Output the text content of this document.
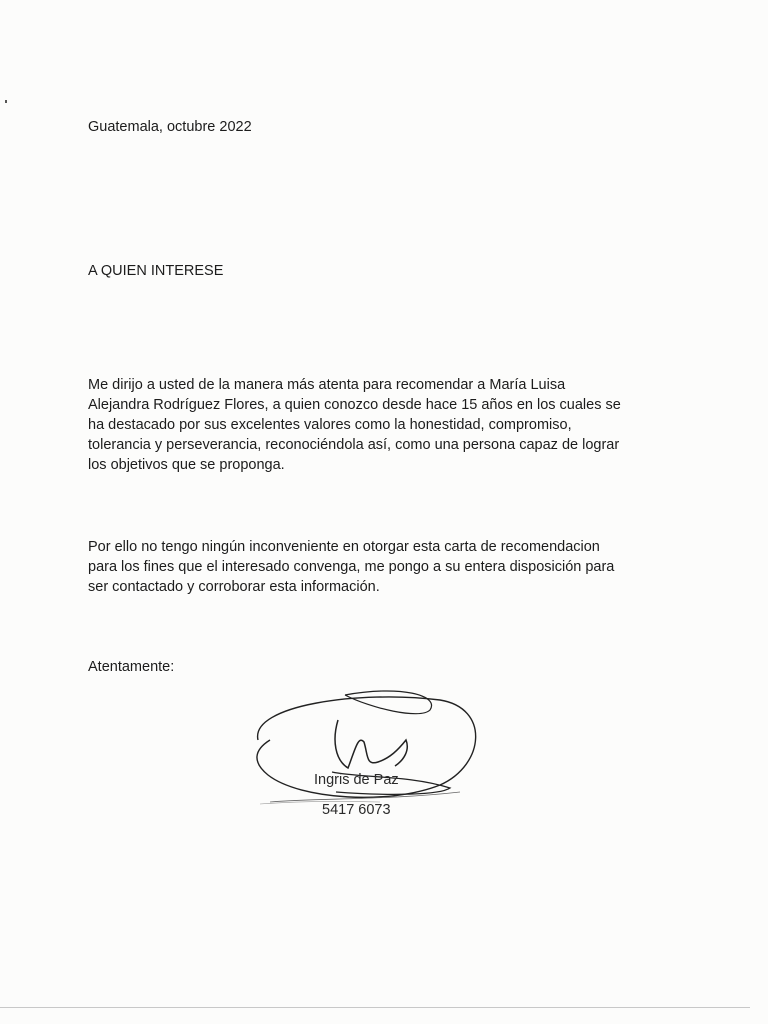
Guatemala, octubre 2022

A QUIEN INTERESE

Me dirijo a usted de la manera más atenta para recomendar a María Luisa
Alejandra Rodríguez Flores, a quien conozco desde hace 15 años en los cuales se
ha destacado por sus excelentes valores como la honestidad, compromiso,
tolerancia y perseverancia, reconociéndola así, como una persona capaz de lograr
los objetivos que se proponga.

Por ello no tengo ningún inconveniente en otorgar esta carta de recomendacion
para los fines que el interesado convenga, me pongo a su entera disposición para
ser contactado y corroborar esta información.

Atentamente:

Ingris de Paz
5417 6073
